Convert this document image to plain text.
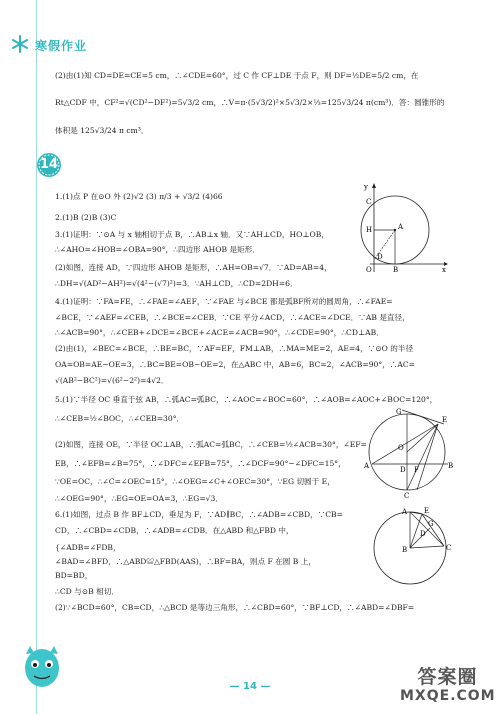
寒假作业
(2)由(1)知 CD=DE=CE=5 cm，∴∠CDE=60°，过 C 作 CF⊥DE 于点 F，则 DF=½DE=5/2 cm，在
Rt△CDF 中，CF²=√(CD²−DF²)=5√3/2 cm，∴V=π·(5√3/2)²×5√3/2×⅓=125√3/24 π(cm³)．答：圆锥形的
体积是 125√3/24 π cm³．
14
1.(1)点 P 在⊙O 外 (2)√2 (3) π/3 + √3/2 (4)66
2.(1)B (2)B (3)C
3.(1)证明：∵⊙A 与 x 轴相切于点 B，∴AB⊥x 轴．又∵AH⊥CD，HO⊥OB，
∴∠AHO=∠HOB=∠OBA=90°，∴四边形 AHOB 是矩形．
(2)如图，连接 AD，∵四边形 AHOB 是矩形，∴AH=OB=√7．∵AD=AB=4，
∴DH=√(AD²−AH²)=√(4²−(√7)²)=3．∵AH⊥CD，∴CD=2DH=6．
4.(1)证明：∵FA=FE，∴∠FAE=∠AEF，∵∠FAE 与∠BCE 都是弧BF所对的圆周角，∴∠FAE=
∠BCE，∵∠AEF=∠CEB，∴∠BCE=∠CEB．∵CE 平分∠ACD，∴∠ACE=∠DCE．∵AB 是直径，
∴∠ACB=90°，∴∠CEB+∠DCE=∠BCE+∠ACE=∠ACB=90°，∴∠CDE=90°，∴CD⊥AB．
(2)由(1)，∠BEC=∠BCE，∴BE=BC，∵AF=EF，FM⊥AB，∴MA=ME=2，AE=4，∵⊙O 的半径
OA=OB=AE−OE=3，∴BC=BE=OB−OE=2，在△ABC 中，AB=6，BC=2，∠ACB=90°，∴AC=
√(AB²−BC²)=√(6²−2²)=4√2．
5.(1)∵半径 OC 垂直于弦 AB，∴弧AC=弧BC，∴∠AOC=∠BOC=60°，∴∠AOB=∠AOC+∠BOC=120°，
∴∠CEB=½∠BOC，∴∠CEB=30°．
(2)如图，连接 OE，∵半径 OC⊥AB，∴弧AC=弧BC，∴∠CEB=½∠ACB=30°，∠EF=
EB，∴∠EFB=∠B=75°，∴∠DFC=∠EFB=75°，∴∠DCF=90°−∠DFC=15°，
∵OE=OC，∴∠C=∠OEC=15°，∴∠OEG=∠C+∠OEC=30°，∵EG 切圆于 E，
∴∠OEG=90°，∴EG=OE=OA=3，∴EG=√3．
6.(1)如图，过点 B 作 BF⊥CD，垂足为 F，∵AD∥BC，∴∠ADB=∠CBD，∵CB=
CD，∴∠CBD=∠CDB，∴∠ADB=∠CDB．在△ABD 和△FBD 中，
{∠ADB=∠FDB，
∠BAD=∠BFD，∴△ABD≌△FBD(AAS)，∴BF=BA，则点 F 在圆 B 上，
BD=BD，
∴CD 与⊙B 相切．
(2)∵∠BCD=60°，CB=CD，∴△BCD 是等边三角形，∴∠CBD=60°，∵BF⊥CD，∴∠ABD=∠DBF=
y
C
H	A
D
O	B	x
G
E
O
A	D	B
C
F
E
G
A
D
B	C
— 14 —	答案圈
MXQE.COM
